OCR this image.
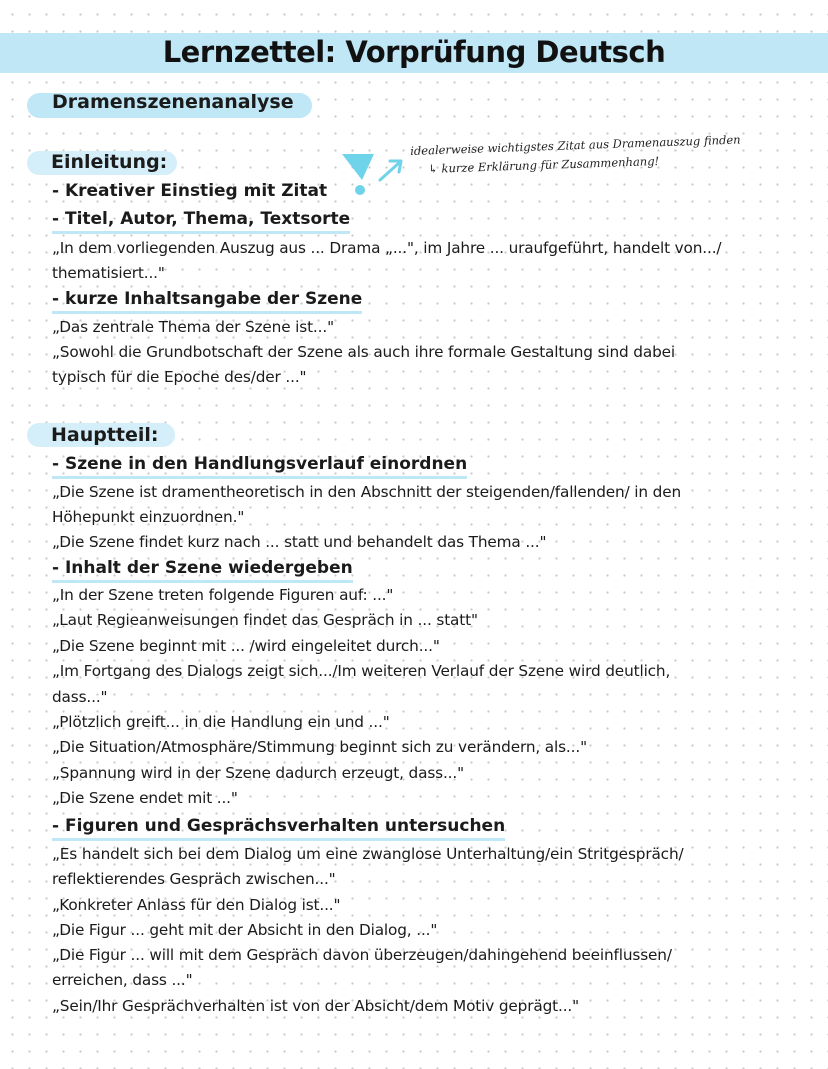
Lernzettel: Vorprüfung Deutsch
Dramenszenenanalyse
idealerweise wichtigstes Zitat aus Dramenauszug finden
↳ kurze Erklärung für Zusammenhang!
Einleitung:
- Kreativer Einstieg mit Zitat
- Titel, Autor, Thema, Textsorte
„In dem vorliegenden Auszug aus ... Drama „...", im Jahre ... uraufgeführt, handelt von.../
thematisiert..."
- kurze Inhaltsangabe der Szene
„Das zentrale Thema der Szene ist..."
„Sowohl die Grundbotschaft der Szene als auch ihre formale Gestaltung sind dabei
typisch für die Epoche des/der ..."
Hauptteil:
- Szene in den Handlungsverlauf einordnen
„Die Szene ist dramentheoretisch in den Abschnitt der steigenden/fallenden/ in den
Höhepunkt einzuordnen."
„Die Szene findet kurz nach ... statt und behandelt das Thema ..."
- Inhalt der Szene wiedergeben
„In der Szene treten folgende Figuren auf: ..."
„Laut Regieanweisungen findet das Gespräch in ... statt"
„Die Szene beginnt mit ... /wird eingeleitet durch..."
„Im Fortgang des Dialogs zeigt sich.../Im weiteren Verlauf der Szene wird deutlich,
dass..."
„Plötzlich greift... in die Handlung ein und ..."
„Die Situation/Atmosphäre/Stimmung beginnt sich zu verändern, als..."
„Spannung wird in der Szene dadurch erzeugt, dass..."
„Die Szene endet mit ..."
- Figuren und Gesprächsverhalten untersuchen
„Es handelt sich bei dem Dialog um eine zwanglose Unterhaltung/ein Stritgespräch/
reflektierendes Gespräch zwischen..."
„Konkreter Anlass für den Dialog ist..."
„Die Figur ... geht mit der Absicht in den Dialog, ..."
„Die Figur ... will mit dem Gespräch davon überzeugen/dahingehend beeinflussen/
erreichen, dass ..."
„Sein/Ihr Gesprächverhalten ist von der Absicht/dem Motiv geprägt..."
